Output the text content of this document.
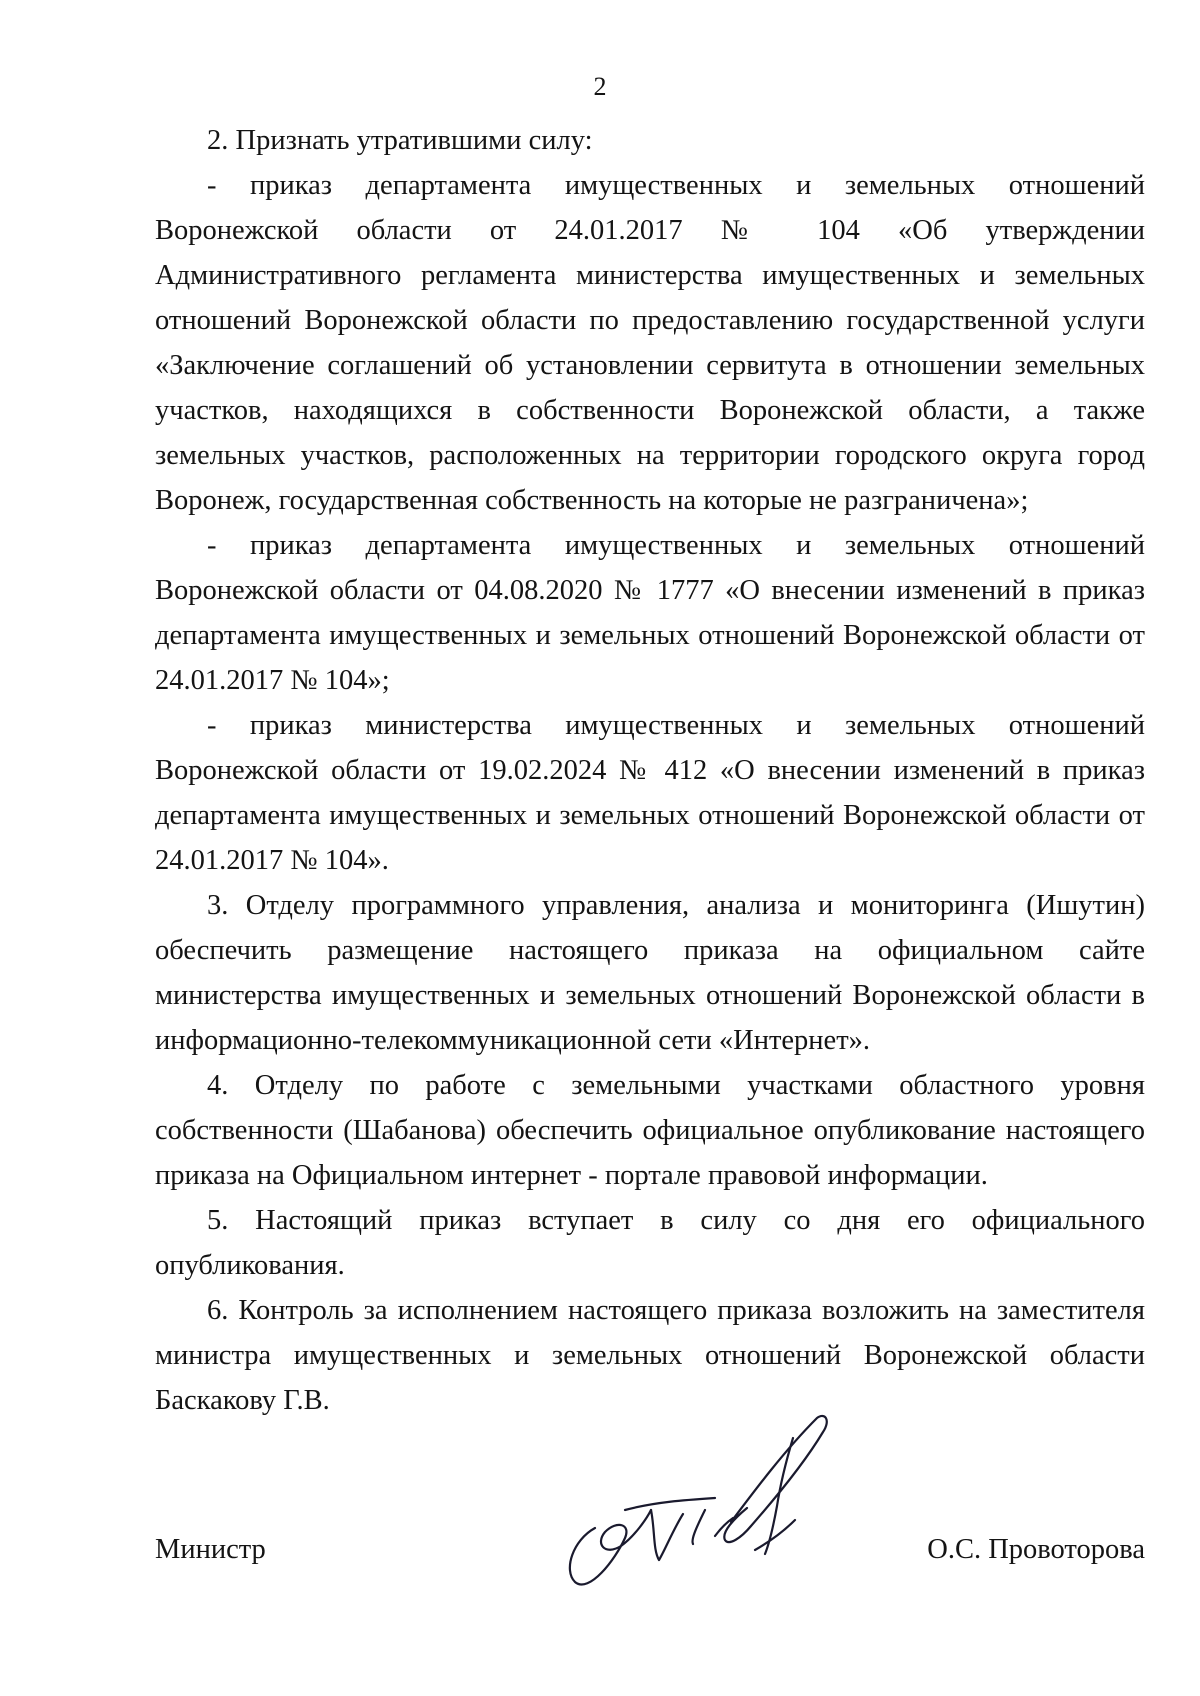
2

2. Признать утратившими силу:

- приказ департамента имущественных и земельных отношений Воронежской области от 24.01.2017 № 104 «Об утверждении Административного регламента министерства имущественных и земельных отношений Воронежской области по предоставлению государственной услуги «Заключение соглашений об установлении сервитута в отношении земельных участков, находящихся в собственности Воронежской области, а также земельных участков, расположенных на территории городского округа город Воронеж, государственная собственность на которые не разграничена»;

- приказ департамента имущественных и земельных отношений Воронежской области от 04.08.2020 № 1777 «О внесении изменений в приказ департамента имущественных и земельных отношений Воронежской области от 24.01.2017 № 104»;

- приказ министерства имущественных и земельных отношений Воронежской области от 19.02.2024 № 412 «О внесении изменений в приказ департамента имущественных и земельных отношений Воронежской области от 24.01.2017 № 104».

3. Отделу программного управления, анализа и мониторинга (Ишутин) обеспечить размещение настоящего приказа на официальном сайте министерства имущественных и земельных отношений Воронежской области в информационно-телекоммуникационной сети «Интернет».

4. Отделу по работе с земельными участками областного уровня собственности (Шабанова) обеспечить официальное опубликование настоящего приказа на Официальном интернет - портале правовой информации.

5. Настоящий приказ вступает в силу со дня его официального опубликования.

6. Контроль за исполнением настоящего приказа возложить на заместителя министра имущественных и земельных отношений Воронежской области Баскакову Г.В.

Министр	О.С. Провоторова
